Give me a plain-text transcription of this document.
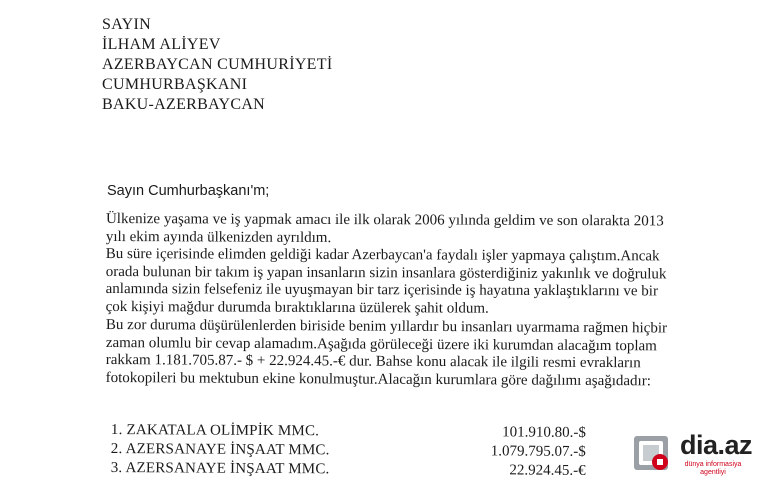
SAYIN
İLHAM ALİYEV
AZERBAYCAN CUMHURİYETİ
CUMHURBAŞKANI
BAKU-AZERBAYCAN
Sayın Cumhurbaşkanı'm;
Ülkenize yaşama ve iş yapmak amacı ile ilk olarak 2006 yılında geldim ve son olarakta 2013
yılı ekim ayında ülkenizden ayrıldım.
Bu süre içerisinde elimden geldiği kadar Azerbaycan'a faydalı işler yapmaya çalıştım.Ancak
orada bulunan bir takım iş yapan insanların sizin insanlara gösterdiğiniz yakınlık ve doğruluk
anlamında sizin felsefeniz ile uyuşmayan bir tarz içerisinde iş hayatına yaklaştıklarını ve bir
çok kişiyi mağdur durumda bıraktıklarına üzülerek şahit oldum.
Bu zor duruma düşürülenlerden biriside benim yıllardır bu insanları uyarmama rağmen hiçbir
zaman olumlu bir cevap alamadım.Aşağıda görüleceği üzere iki kurumdan alacağım toplam
rakkam 1.181.705.87.- $ + 22.924.45.-€ dur. Bahse konu alacak ile ilgili resmi evrakların
fotokopileri bu mektubun ekine konulmuştur.Alacağın kurumlara göre dağılımı aşağıdadır:
1. ZAKATALA OLİMPİK MMC.	101.910.80.-$
2. AZERSANAYE İNŞAAT MMC.	1.079.795.07.-$
3. AZERSANAYE İNŞAAT MMC.	22.924.45.-€
dia.az
dünya informasiya
agentliyi
